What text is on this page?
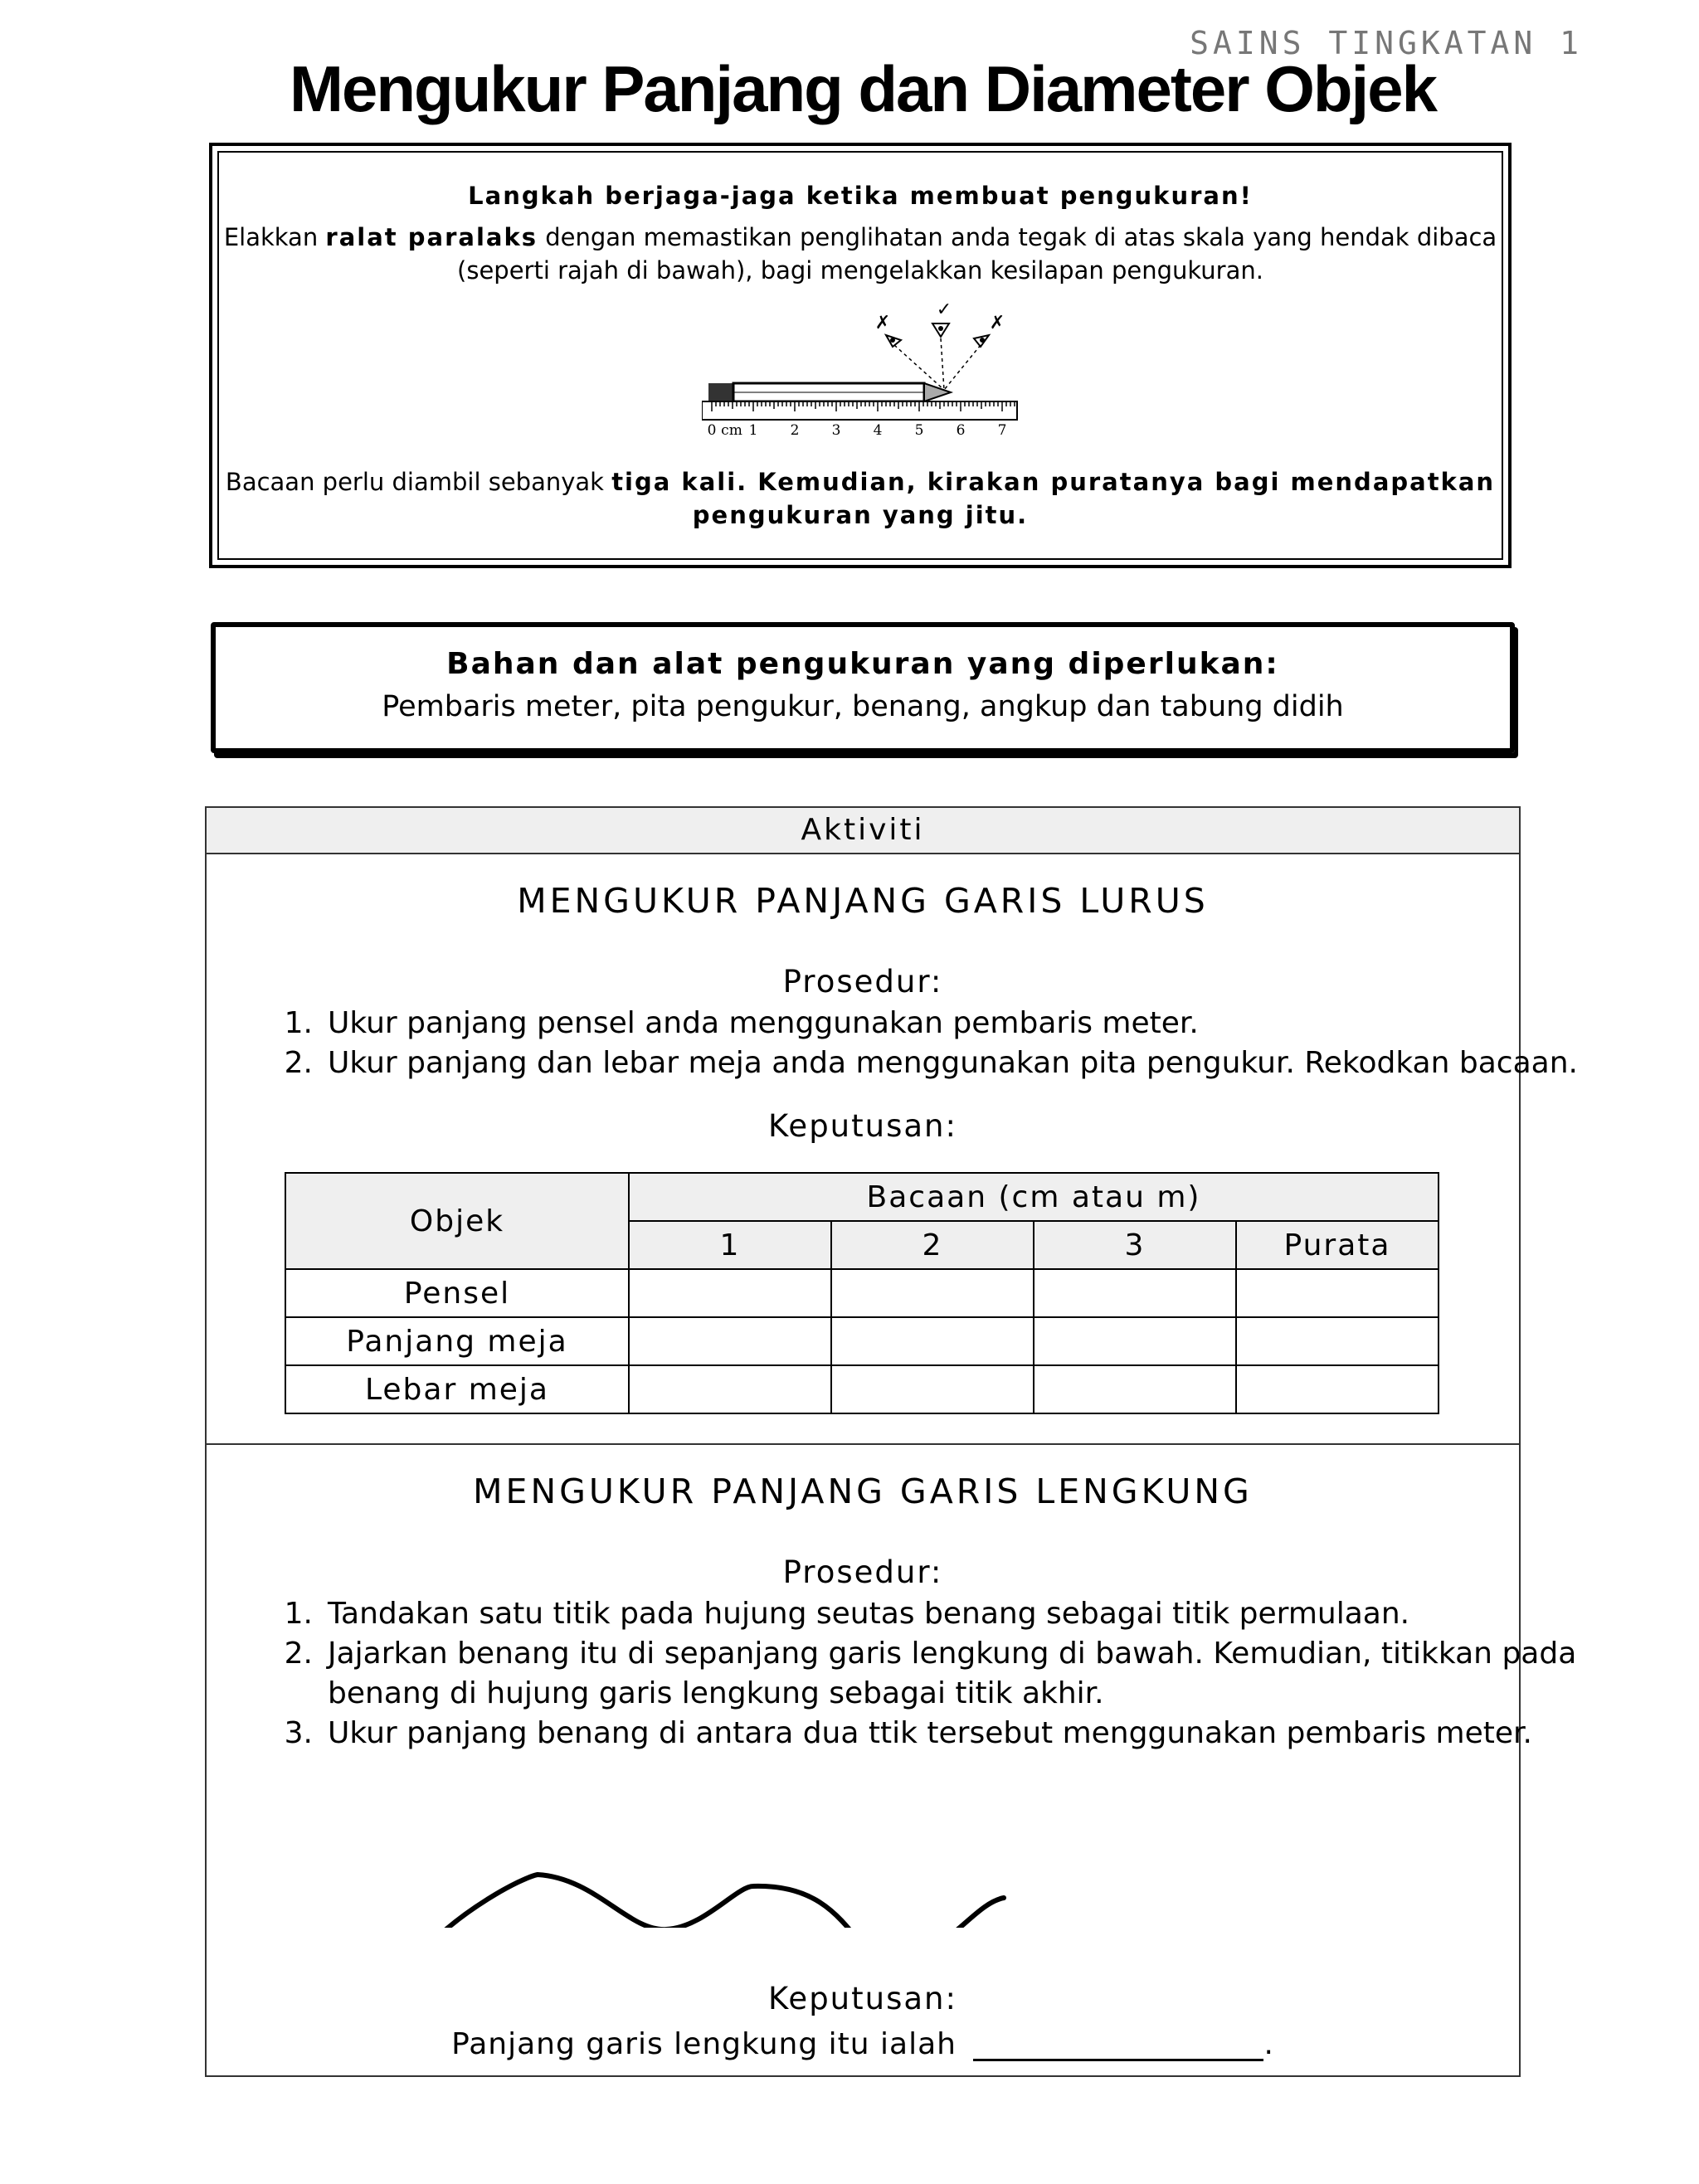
SAINS TINGKATAN 1
Mengukur Panjang dan Diameter Objek
Langkah berjaga-jaga ketika membuat pengukuran!
Elakkan ralat paralaks dengan memastikan penglihatan anda tegak di atas skala yang hendak dibaca
(seperti rajah di bawah), bagi mengelakkan kesilapan pengukuran.
✗
✓
✗
0 cm 1 2 3 4 5 6 7
Bacaan perlu diambil sebanyak tiga kali. Kemudian, kirakan puratanya bagi mendapatkan
pengukuran yang jitu.
Bahan dan alat pengukuran yang diperlukan:
Pembaris meter, pita pengukur, benang, angkup dan tabung didih
Aktiviti
MENGUKUR PANJANG GARIS LURUS
Prosedur:
1. Ukur panjang pensel anda menggunakan pembaris meter.
2. Ukur panjang dan lebar meja anda menggunakan pita pengukur. Rekodkan bacaan.
Keputusan:
MENGUKUR PANJANG GARIS LENGKUNG
Prosedur:
1. Tandakan satu titik pada hujung seutas benang sebagai titik permulaan.
2. Jajarkan benang itu di sepanjang garis lengkung di bawah. Kemudian, titikkan pada
benang di hujung garis lengkung sebagai titik akhir.
3. Ukur panjang benang di antara dua ttik tersebut menggunakan pembaris meter.
Keputusan:
Panjang garis lengkung itu ialah	.
Objek	Bacaan (cm atau m)			
	1	2	3	Purata
Pensel				
Panjang meja				
Lebar meja				
